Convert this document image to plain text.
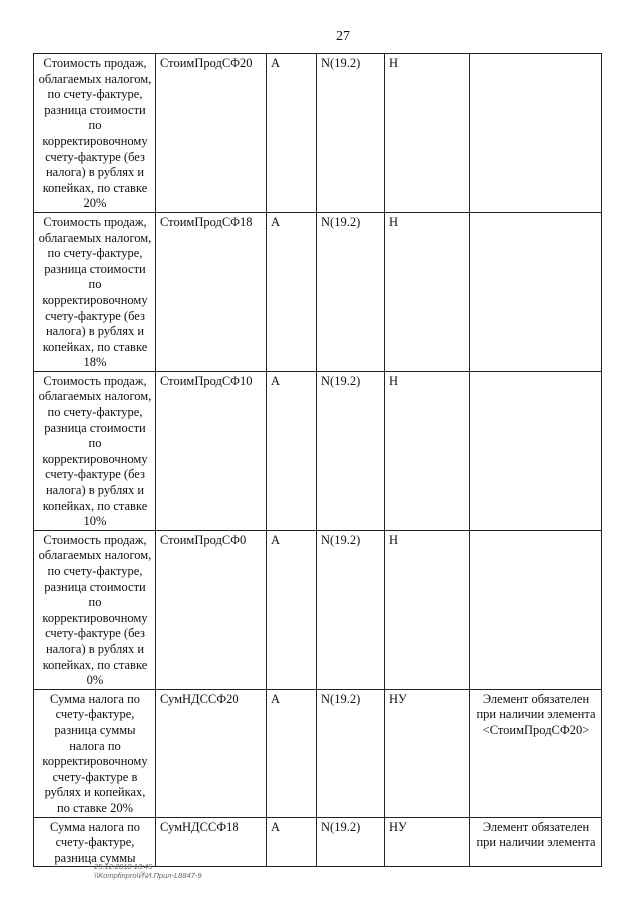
27
Стоимость продаж, облагаемых налогом, по счету-фактуре, разница стоимости по корректировочному счету-фактуре (без налога) в рублях и копейках, по ставке 20%	СтоимПродСФ20	А	N(19.2)	Н	
Стоимость продаж, облагаемых налогом, по счету-фактуре, разница стоимости по корректировочному счету-фактуре (без налога) в рублях и копейках, по ставке 18%	СтоимПродСФ18	А	N(19.2)	Н	
Стоимость продаж, облагаемых налогом, по счету-фактуре, разница стоимости по корректировочному счету-фактуре (без налога) в рублях и копейках, по ставке 10%	СтоимПродСФ10	А	N(19.2)	Н	
Стоимость продаж, облагаемых налогом, по счету-фактуре, разница стоимости по корректировочному счету-фактуре (без налога) в рублях и копейках, по ставке 0%	СтоимПродСФ0	А	N(19.2)	Н	
Сумма налога по счету-фактуре, разница суммы налога по корректировочному счету-фактуре в рублях и копейках, по ставке 20%	СумНДССФ20	А	N(19.2)	НУ	Элемент обязателен при наличии элемента <СтоимПродСФ20>
Сумма налога по счету-фактуре, разница суммы	СумНДССФ18	А	N(19.2)	НУ	Элемент обязателен при наличии элемента
25.12.2018 13:49
\\Kompfinpro\Й\И.Прил-L8847-9
